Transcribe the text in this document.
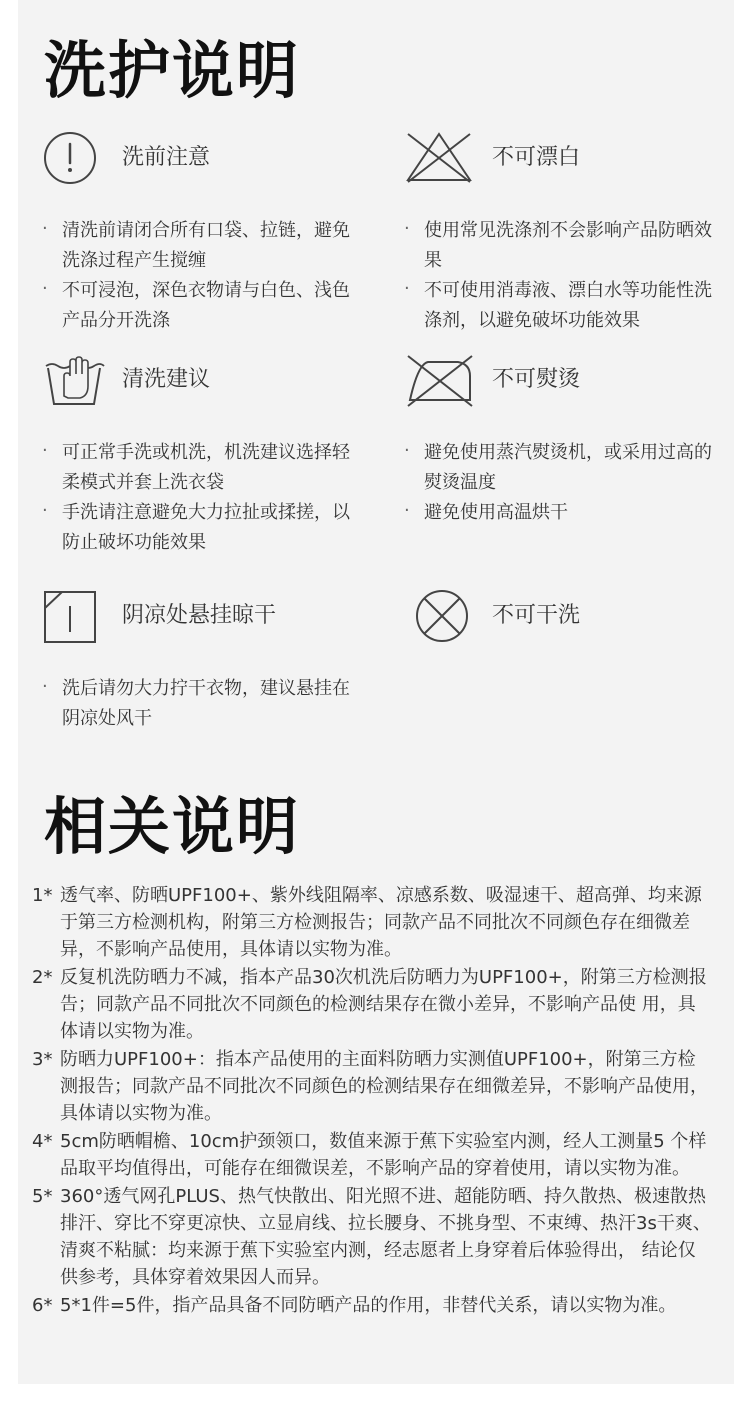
洗护说明
洗前注意
· 清洗前请闭合所有口袋、拉链，避免洗涤过程产生搅缠
· 不可浸泡，深色衣物请与白色、浅色产品分开洗涤
不可漂白
· 使用常见洗涤剂不会影响产品防晒效果
· 不可使用消毒液、漂白水等功能性洗涤剂，以避免破坏功能效果
清洗建议
· 可正常手洗或机洗，机洗建议选择轻柔模式并套上洗衣袋
· 手洗请注意避免大力拉扯或揉搓，以防止破坏功能效果
不可熨烫
· 避免使用蒸汽熨烫机，或采用过高的熨烫温度
· 避免使用高温烘干
阴凉处悬挂晾干
· 洗后请勿大力拧干衣物，建议悬挂在阴凉处风干
不可干洗
相关说明
1* 透气率、防晒UPF100+、紫外线阻隔率、凉感系数、吸湿速干、超高弹、均来源于第三方检测机构，附第三方检测报告；同款产品不同批次不同颜色存在细微差异，不影响产品使用，具体请以实物为准。
2* 反复机洗防晒力不减，指本产品30次机洗后防晒力为UPF100+，附第三方检测报告；同款产品不同批次不同颜色的检测结果存在微小差异，不影响产品使 用，具体请以实物为准。
3* 防晒力UPF100+：指本产品使用的主面料防晒力实测值UPF100+，附第三方检测报告；同款产品不同批次不同颜色的检测结果存在细微差异，不影响产品使用，具体请以实物为准。
4* 5cm防晒帽檐、10cm护颈领口，数值来源于蕉下实验室内测，经人工测量5 个样品取平均值得出，可能存在细微误差，不影响产品的穿着使用，请以实物为准。
5* 360°透气网孔PLUS、热气快散出、阳光照不进、超能防晒、持久散热、极速散热排汗、穿比不穿更凉快、立显肩线、拉长腰身、不挑身型、不束缚、热汗3s干爽、清爽不粘腻：均来源于蕉下实验室内测，经志愿者上身穿着后体验得出， 结论仅供参考，具体穿着效果因人而异。
6* 5*1件=5件，指产品具备不同防晒产品的作用，非替代关系，请以实物为准。
